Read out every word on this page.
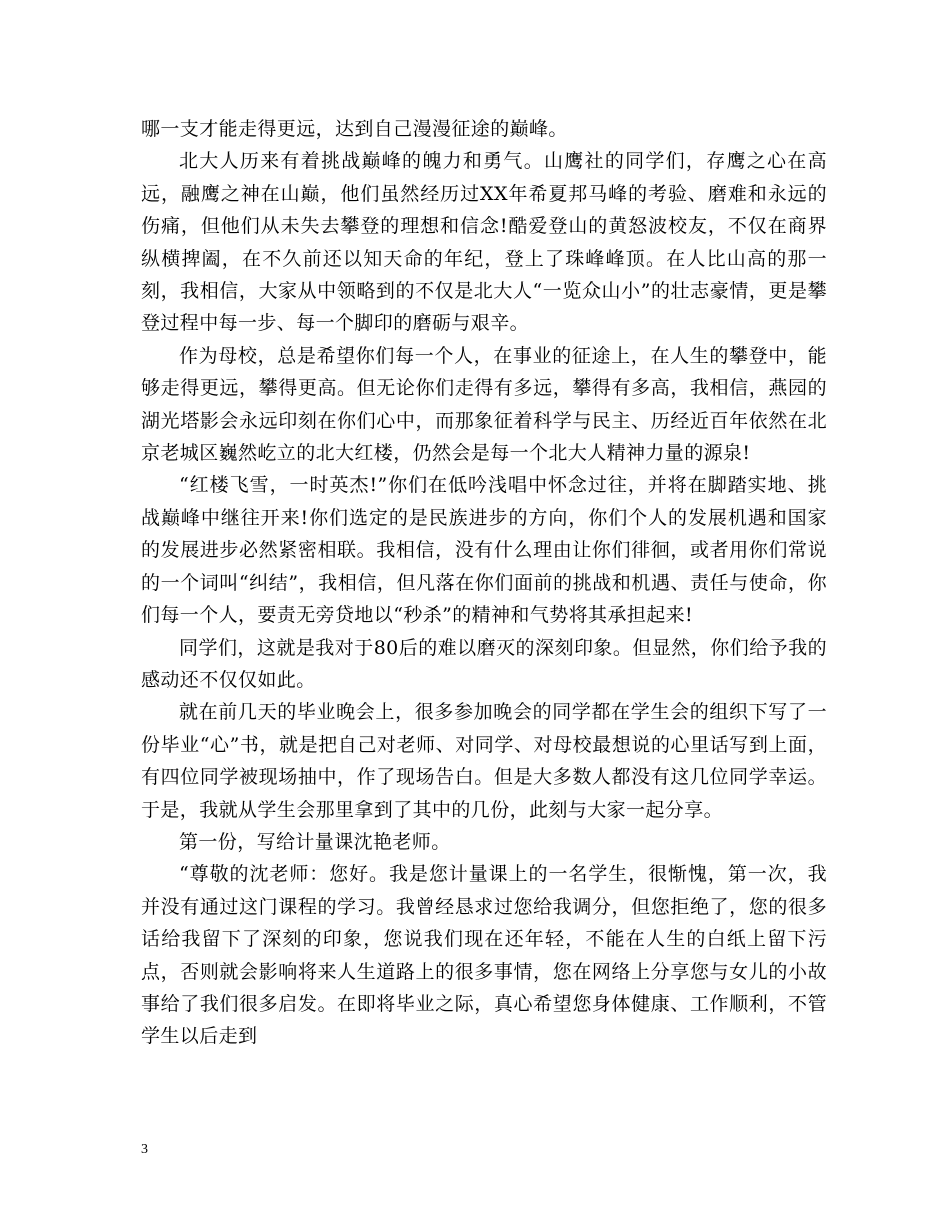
哪一支才能走得更远，达到自己漫漫征途的巅峰。

北大人历来有着挑战巅峰的魄力和勇气。山鹰社的同学们，存鹰之心在高远，融鹰之神在山巅，他们虽然经历过XX年希夏邦马峰的考验、磨难和永远的伤痛，但他们从未失去攀登的理想和信念!酷爱登山的黄怒波校友，不仅在商界纵横捭阖，在不久前还以知天命的年纪，登上了珠峰峰顶。在人比山高的那一刻，我相信，大家从中领略到的不仅是北大人“一览众山小”的壮志豪情，更是攀登过程中每一步、每一个脚印的磨砺与艰辛。

作为母校，总是希望你们每一个人，在事业的征途上，在人生的攀登中，能够走得更远，攀得更高。但无论你们走得有多远，攀得有多高，我相信，燕园的湖光塔影会永远印刻在你们心中，而那象征着科学与民主、历经近百年依然在北京老城区巍然屹立的北大红楼，仍然会是每一个北大人精神力量的源泉!

“红楼飞雪，一时英杰!”你们在低吟浅唱中怀念过往，并将在脚踏实地、挑战巅峰中继往开来!你们选定的是民族进步的方向，你们个人的发展机遇和国家的发展进步必然紧密相联。我相信，没有什么理由让你们徘徊，或者用你们常说的一个词叫“纠结”，我相信，但凡落在你们面前的挑战和机遇、责任与使命，你们每一个人，要责无旁贷地以“秒杀”的精神和气势将其承担起来!

同学们，这就是我对于80后的难以磨灭的深刻印象。但显然，你们给予我的感动还不仅仅如此。

就在前几天的毕业晚会上，很多参加晚会的同学都在学生会的组织下写了一份毕业“心”书，就是把自己对老师、对同学、对母校最想说的心里话写到上面，有四位同学被现场抽中，作了现场告白。但是大多数人都没有这几位同学幸运。于是，我就从学生会那里拿到了其中的几份，此刻与大家一起分享。

第一份，写给计量课沈艳老师。

“尊敬的沈老师：您好。我是您计量课上的一名学生，很惭愧，第一次，我并没有通过这门课程的学习。我曾经恳求过您给我调分，但您拒绝了，您的很多话给我留下了深刻的印象，您说我们现在还年轻，不能在人生的白纸上留下污点，否则就会影响将来人生道路上的很多事情，您在网络上分享您与女儿的小故事给了我们很多启发。在即将毕业之际，真心希望您身体健康、工作顺利，不管学生以后走到

3
